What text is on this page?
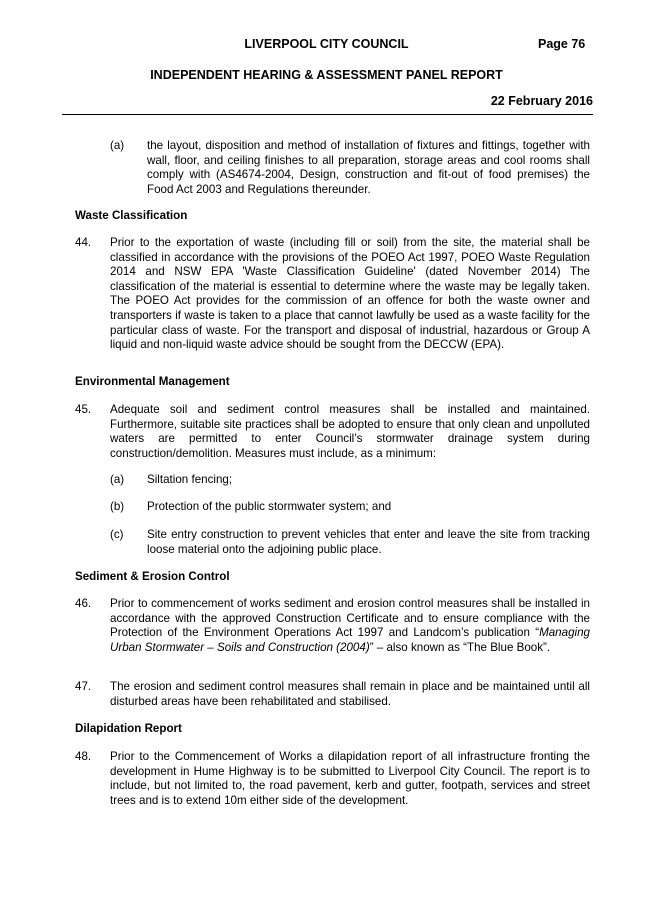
LIVERPOOL CITY COUNCIL	Page 76
INDEPENDENT HEARING & ASSESSMENT PANEL REPORT
22 February 2016
(a) the layout, disposition and method of installation of fixtures and fittings, together with wall, floor, and ceiling finishes to all preparation, storage areas and cool rooms shall comply with (AS4674-2004, Design, construction and fit-out of food premises) the Food Act 2003 and Regulations thereunder.
Waste Classification
44. Prior to the exportation of waste (including fill or soil) from the site, the material shall be classified in accordance with the provisions of the POEO Act 1997, POEO Waste Regulation 2014 and NSW EPA 'Waste Classification Guideline' (dated November 2014) The classification of the material is essential to determine where the waste may be legally taken. The POEO Act provides for the commission of an offence for both the waste owner and transporters if waste is taken to a place that cannot lawfully be used as a waste facility for the particular class of waste. For the transport and disposal of industrial, hazardous or Group A liquid and non-liquid waste advice should be sought from the DECCW (EPA).
Environmental Management
45. Adequate soil and sediment control measures shall be installed and maintained. Furthermore, suitable site practices shall be adopted to ensure that only clean and unpolluted waters are permitted to enter Council’s stormwater drainage system during construction/demolition. Measures must include, as a minimum:
(a) Siltation fencing;
(b) Protection of the public stormwater system; and
(c) Site entry construction to prevent vehicles that enter and leave the site from tracking loose material onto the adjoining public place.
Sediment & Erosion Control
46. Prior to commencement of works sediment and erosion control measures shall be installed in accordance with the approved Construction Certificate and to ensure compliance with the Protection of the Environment Operations Act 1997 and Landcom’s publication “Managing Urban Stormwater – Soils and Construction (2004)” – also known as “The Blue Book”.
47. The erosion and sediment control measures shall remain in place and be maintained until all disturbed areas have been rehabilitated and stabilised.
Dilapidation Report
48. Prior to the Commencement of Works a dilapidation report of all infrastructure fronting the development in Hume Highway is to be submitted to Liverpool City Council. The report is to include, but not limited to, the road pavement, kerb and gutter, footpath, services and street trees and is to extend 10m either side of the development.
